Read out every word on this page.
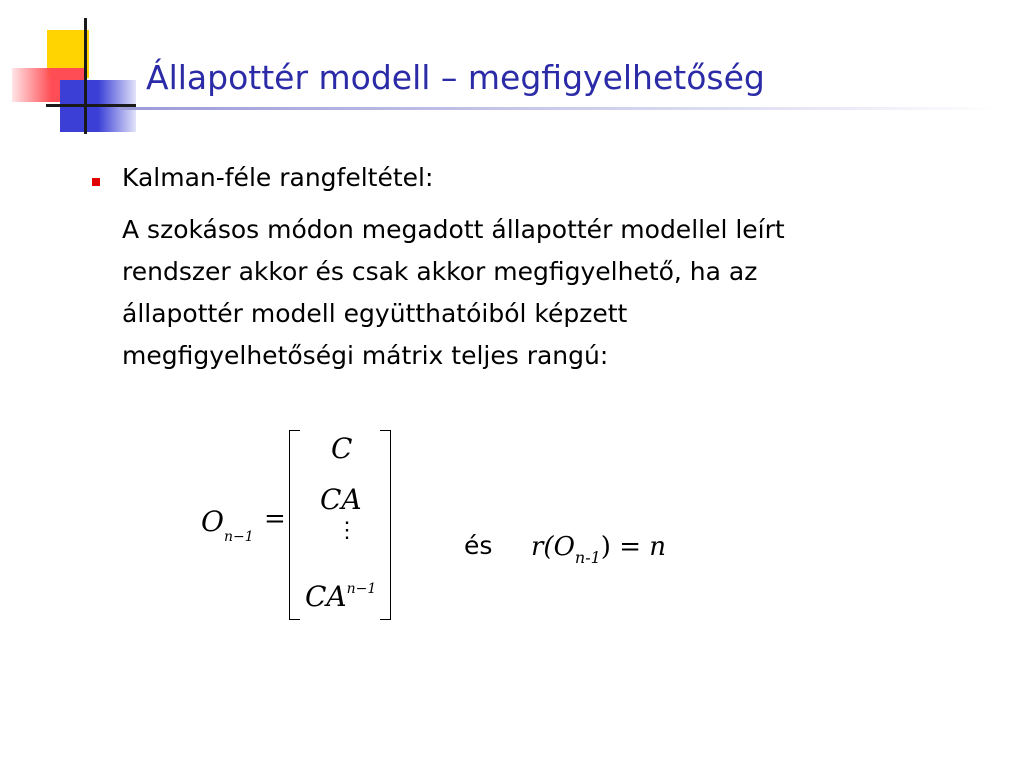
Állapottér modell – megfigyelhetőség
Kalman-féle rangfeltétel:
A szokásos módon megadott állapottér modellel leírt
rendszer akkor és csak akkor megfigyelhető, ha az
állapottér modell együtthatóiból képzett
megfigyelhetőségi mátrix teljes rangú:
$O_{n-1}$
=
C
CA
⋮
$CA^{n-1}$
és $r(O_{n-1}) = n$
